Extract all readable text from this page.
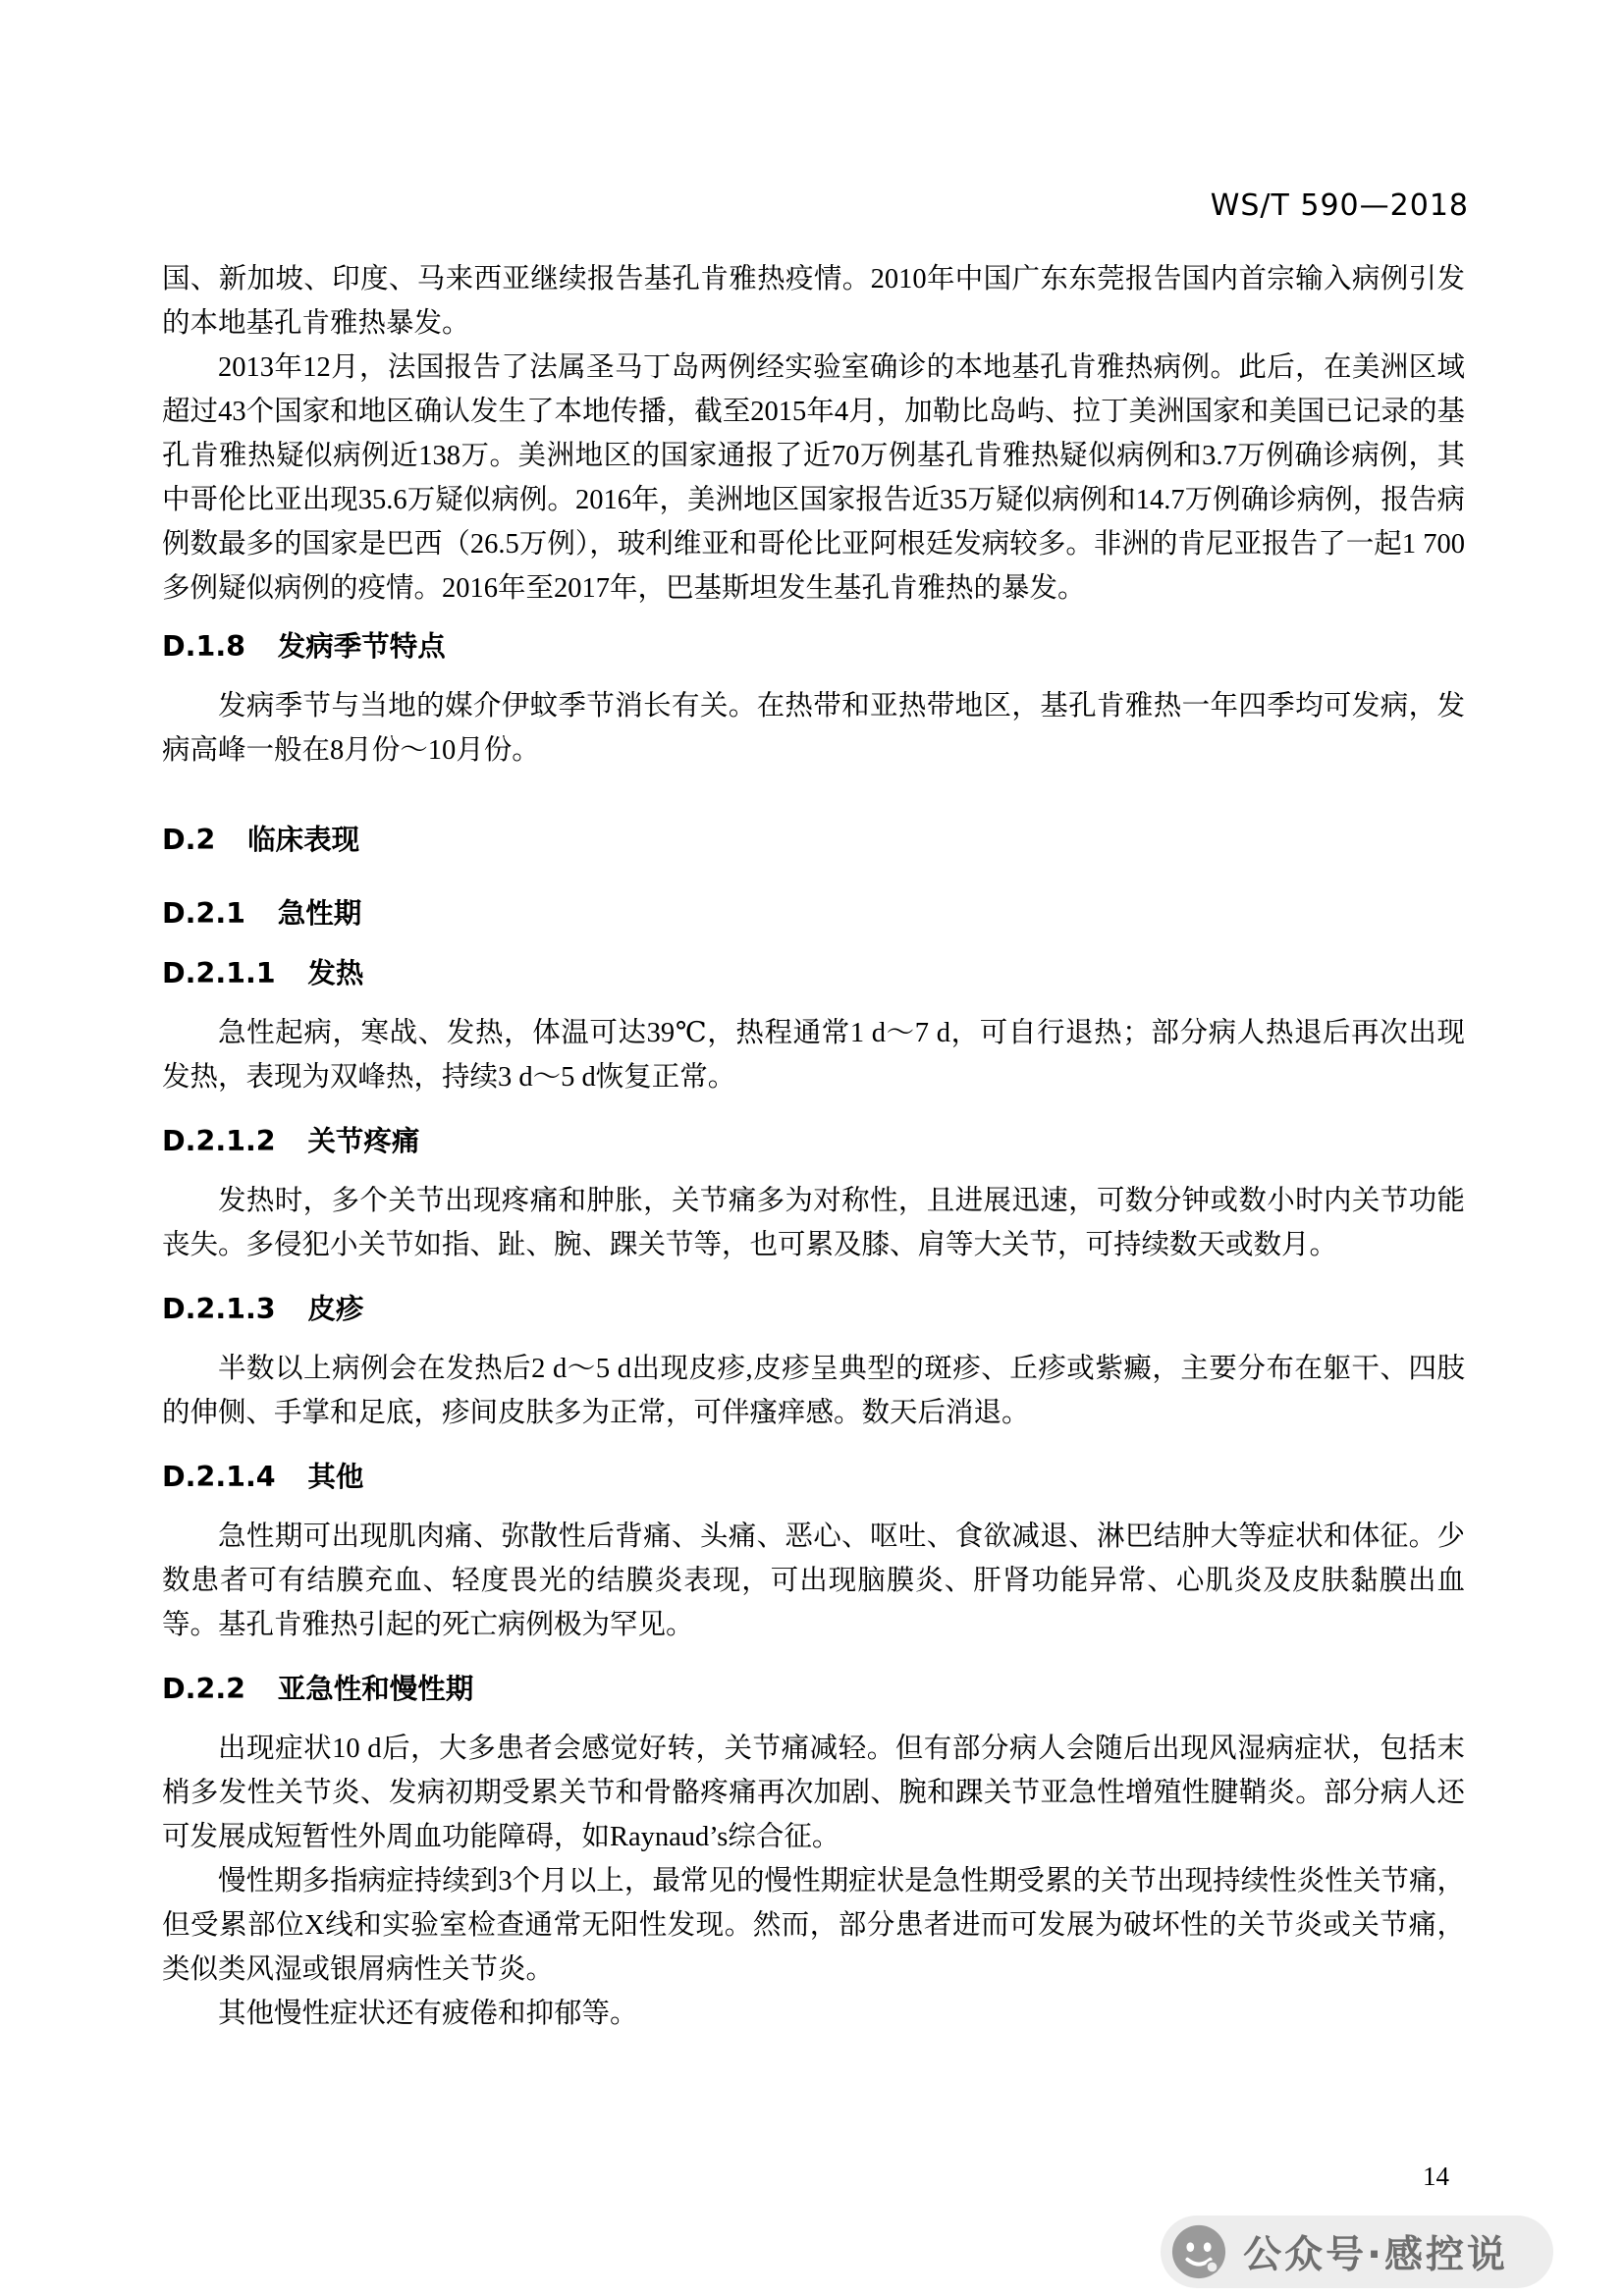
WS/T 590—2018

国、新加坡、印度、马来西亚继续报告基孔肯雅热疫情。2010年中国广东东莞报告国内首宗输入病例引发的本地基孔肯雅热暴发。

2013年12月，法国报告了法属圣马丁岛两例经实验室确诊的本地基孔肯雅热病例。此后，在美洲区域超过43个国家和地区确认发生了本地传播，截至2015年4月，加勒比岛屿、拉丁美洲国家和美国已记录的基孔肯雅热疑似病例近138万。美洲地区的国家通报了近70万例基孔肯雅热疑似病例和3.7万例确诊病例，其中哥伦比亚出现35.6万疑似病例。2016年，美洲地区国家报告近35万疑似病例和14.7万例确诊病例，报告病例数最多的国家是巴西（26.5万例），玻利维亚和哥伦比亚阿根廷发病较多。非洲的肯尼亚报告了一起1 700多例疑似病例的疫情。2016年至2017年，巴基斯坦发生基孔肯雅热的暴发。

D.1.8 发病季节特点

发病季节与当地的媒介伊蚊季节消长有关。在热带和亚热带地区，基孔肯雅热一年四季均可发病，发病高峰一般在8月份～10月份。

D.2 临床表现
D.2.1 急性期
D.2.1.1 发热

急性起病，寒战、发热，体温可达39℃，热程通常1 d～7 d，可自行退热；部分病人热退后再次出现发热，表现为双峰热，持续3 d～5 d恢复正常。

D.2.1.2 关节疼痛

发热时，多个关节出现疼痛和肿胀，关节痛多为对称性，且进展迅速，可数分钟或数小时内关节功能丧失。多侵犯小关节如指、趾、腕、踝关节等，也可累及膝、肩等大关节，可持续数天或数月。

D.2.1.3 皮疹

半数以上病例会在发热后2 d～5 d出现皮疹,皮疹呈典型的斑疹、丘疹或紫癜，主要分布在躯干、四肢的伸侧、手掌和足底，疹间皮肤多为正常，可伴瘙痒感。数天后消退。

D.2.1.4 其他

急性期可出现肌肉痛、弥散性后背痛、头痛、恶心、呕吐、食欲减退、淋巴结肿大等症状和体征。少数患者可有结膜充血、轻度畏光的结膜炎表现，可出现脑膜炎、肝肾功能异常、心肌炎及皮肤黏膜出血等。基孔肯雅热引起的死亡病例极为罕见。

D.2.2 亚急性和慢性期

出现症状10 d后，大多患者会感觉好转，关节痛减轻。但有部分病人会随后出现风湿病症状，包括末梢多发性关节炎、发病初期受累关节和骨骼疼痛再次加剧、腕和踝关节亚急性增殖性腱鞘炎。部分病人还可发展成短暂性外周血功能障碍，如Raynaud’s综合征。

慢性期多指病症持续到3个月以上，最常见的慢性期症状是急性期受累的关节出现持续性炎性关节痛，但受累部位X线和实验室检查通常无阳性发现。然而，部分患者进而可发展为破坏性的关节炎或关节痛，类似类风湿或银屑病性关节炎。

其他慢性症状还有疲倦和抑郁等。

14
公众号·感控说
